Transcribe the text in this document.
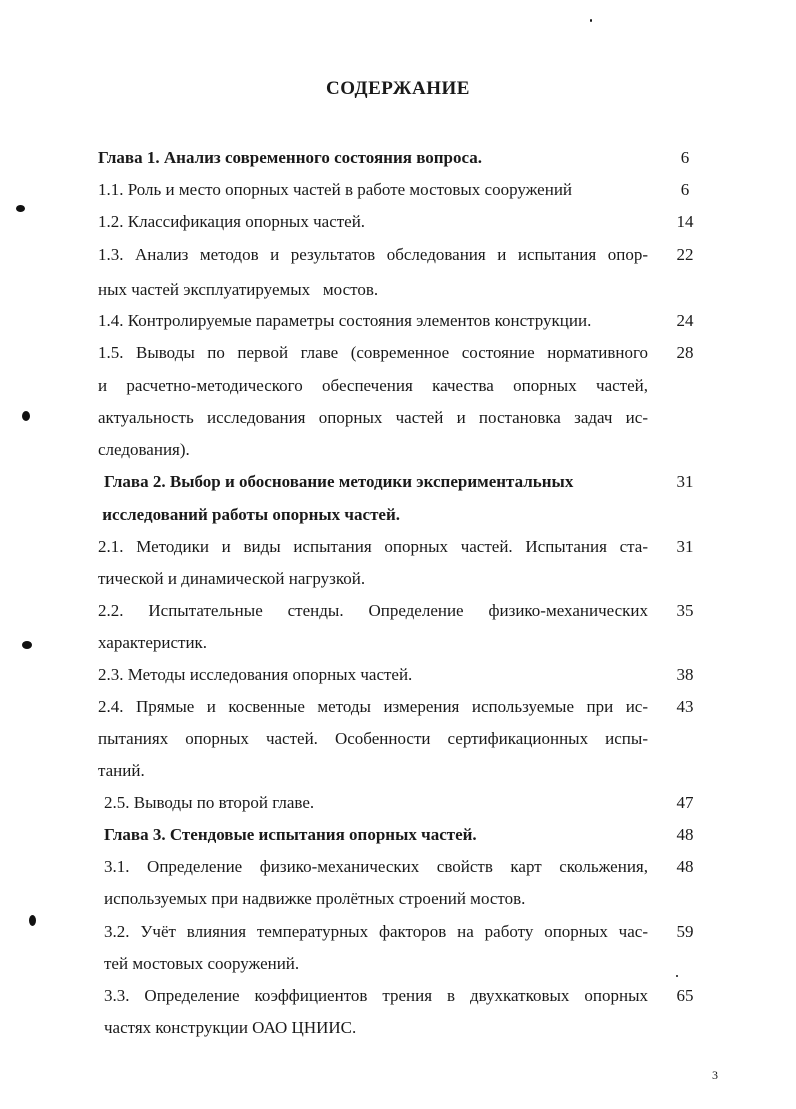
СОДЕРЖАНИЕ
Глава 1. Анализ современного состояния вопроса.	6
1.1. Роль и место опорных частей в работе мостовых сооружений	6
1.2. Классификация опорных частей.	14
1.3. Анализ методов и результатов обследования и испытания опор-	22
ных частей эксплуатируемых   мостов.
1.4. Контролируемые параметры состояния элементов конструкции.	24
1.5. Выводы по первой главе (современное состояние нормативного	28
и расчетно-методического обеспечения качества опорных частей,
актуальность исследования опорных частей и постановка задач ис-
следования).
Глава 2. Выбор и обоснование методики экспериментальных	31
исследований работы опорных частей.
2.1. Методики и виды испытания опорных частей. Испытания ста-	31
тической и динамической нагрузкой.
2.2. Испытательные стенды. Определение физико-механических	35
характеристик.
2.3. Методы исследования опорных частей.	38
2.4. Прямые и косвенные методы измерения используемые при ис-	43
пытаниях опорных частей. Особенности сертификационных испы-
таний.
2.5. Выводы по второй главе.	47
Глава 3. Стендовые испытания опорных частей.	48
3.1. Определение физико-механических свойств карт скольжения,	48
используемых при надвижке пролётных строений мостов.
3.2. Учёт влияния температурных факторов на работу опорных час-	59
тей мостовых сооружений.
3.3. Определение коэффициентов трения в двухкатковых опорных	65
частях конструкции ОАО ЦНИИС.
3
